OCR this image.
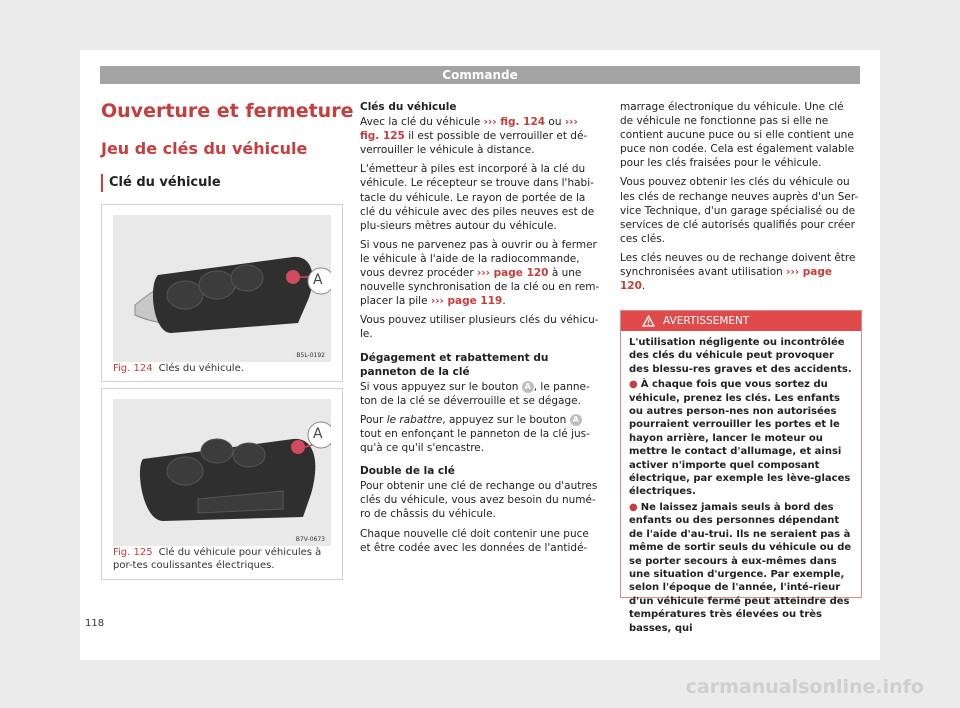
Commande
Ouverture et fermeture
Jeu de clés du véhicule
Clé du véhicule
A
B5L-0192
Fig. 124 Clés du véhicule.
A
B7V-0673
Fig. 125 Clé du véhicule pour véhicules à por-tes coulissantes électriques.

Clés du véhicule

Avec la clé du véhicule ››› fig. 124 ou ››› fig. 125 il est possible de verrouiller et dé-verrouiller le véhicule à distance.

L'émetteur à piles est incorporé à la clé du véhicule. Le récepteur se trouve dans l'habi-tacle du véhicule. Le rayon de portée de la clé du véhicule avec des piles neuves est de plu-sieurs mètres autour du véhicule.

Si vous ne parvenez pas à ouvrir ou à fermer le véhicule à l'aide de la radiocommande, vous devrez procéder ››› page 120 à une nouvelle synchronisation de la clé ou en rem-placer la pile ››› page 119.

Vous pouvez utiliser plusieurs clés du véhicu-le.

Dégagement et rabattement du panneton de la clé

Si vous appuyez sur le bouton A , le panne-ton de la clé se déverrouille et se dégage.

Pour le rabattre, appuyez sur le bouton A tout en enfonçant le panneton de la clé jus-qu'à ce qu'il s'encastre.

Double de la clé

Pour obtenir une clé de rechange ou d'autres clés du véhicule, vous avez besoin du numé-ro de châssis du véhicule.

Chaque nouvelle clé doit contenir une puce et être codée avec les données de l'antidé-

marrage électronique du véhicule. Une clé de véhicule ne fonctionne pas si elle ne contient aucune puce ou si elle contient une puce non codée. Cela est également valable pour les clés fraisées pour le véhicule.

Vous pouvez obtenir les clés du véhicule ou les clés de rechange neuves auprès d'un Ser-vice Technique, d'un garage spécialisé ou de services de clé autorisés qualifiés pour créer ces clés.

Les clés neuves ou de rechange doivent être synchronisées avant utilisation ››› page 120.

AVERTISSEMENT

L'utilisation négligente ou incontrôlée des clés du véhicule peut provoquer des blessu-res graves et des accidents.

● À chaque fois que vous sortez du véhicule, prenez les clés. Les enfants ou autres person-nes non autorisées pourraient verrouiller les portes et le hayon arrière, lancer le moteur ou mettre le contact d'allumage, et ainsi activer n'importe quel composant électrique, par exemple les lève-glaces électriques.

● Ne laissez jamais seuls à bord des enfants ou des personnes dépendant de l'aide d'au-trui. Ils ne seraient pas à même de sortir seuls du véhicule ou de se porter secours à eux-mêmes dans une situation d'urgence. Par exemple, selon l'époque de l'année, l'inté-rieur d'un véhicule fermé peut atteindre des températures très élevées ou très basses, qui

118
carmanualsonline.info
